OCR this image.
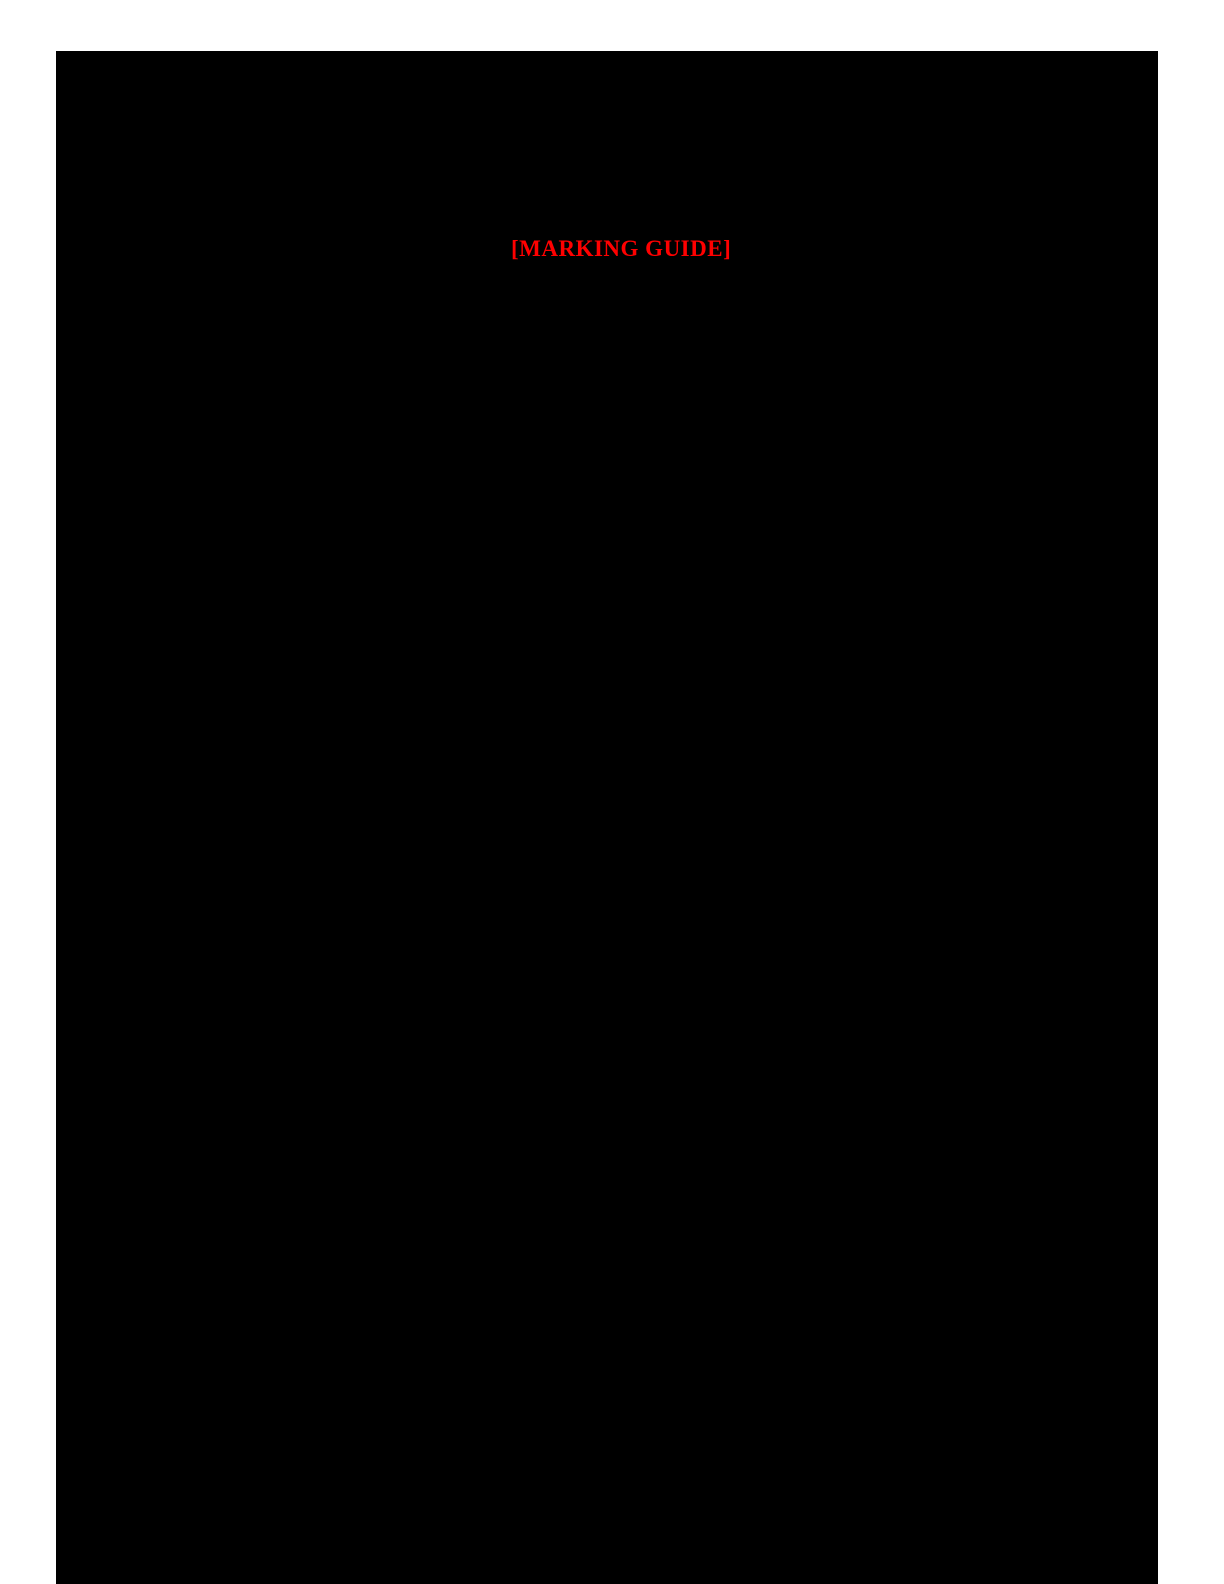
[MARKING GUIDE]
